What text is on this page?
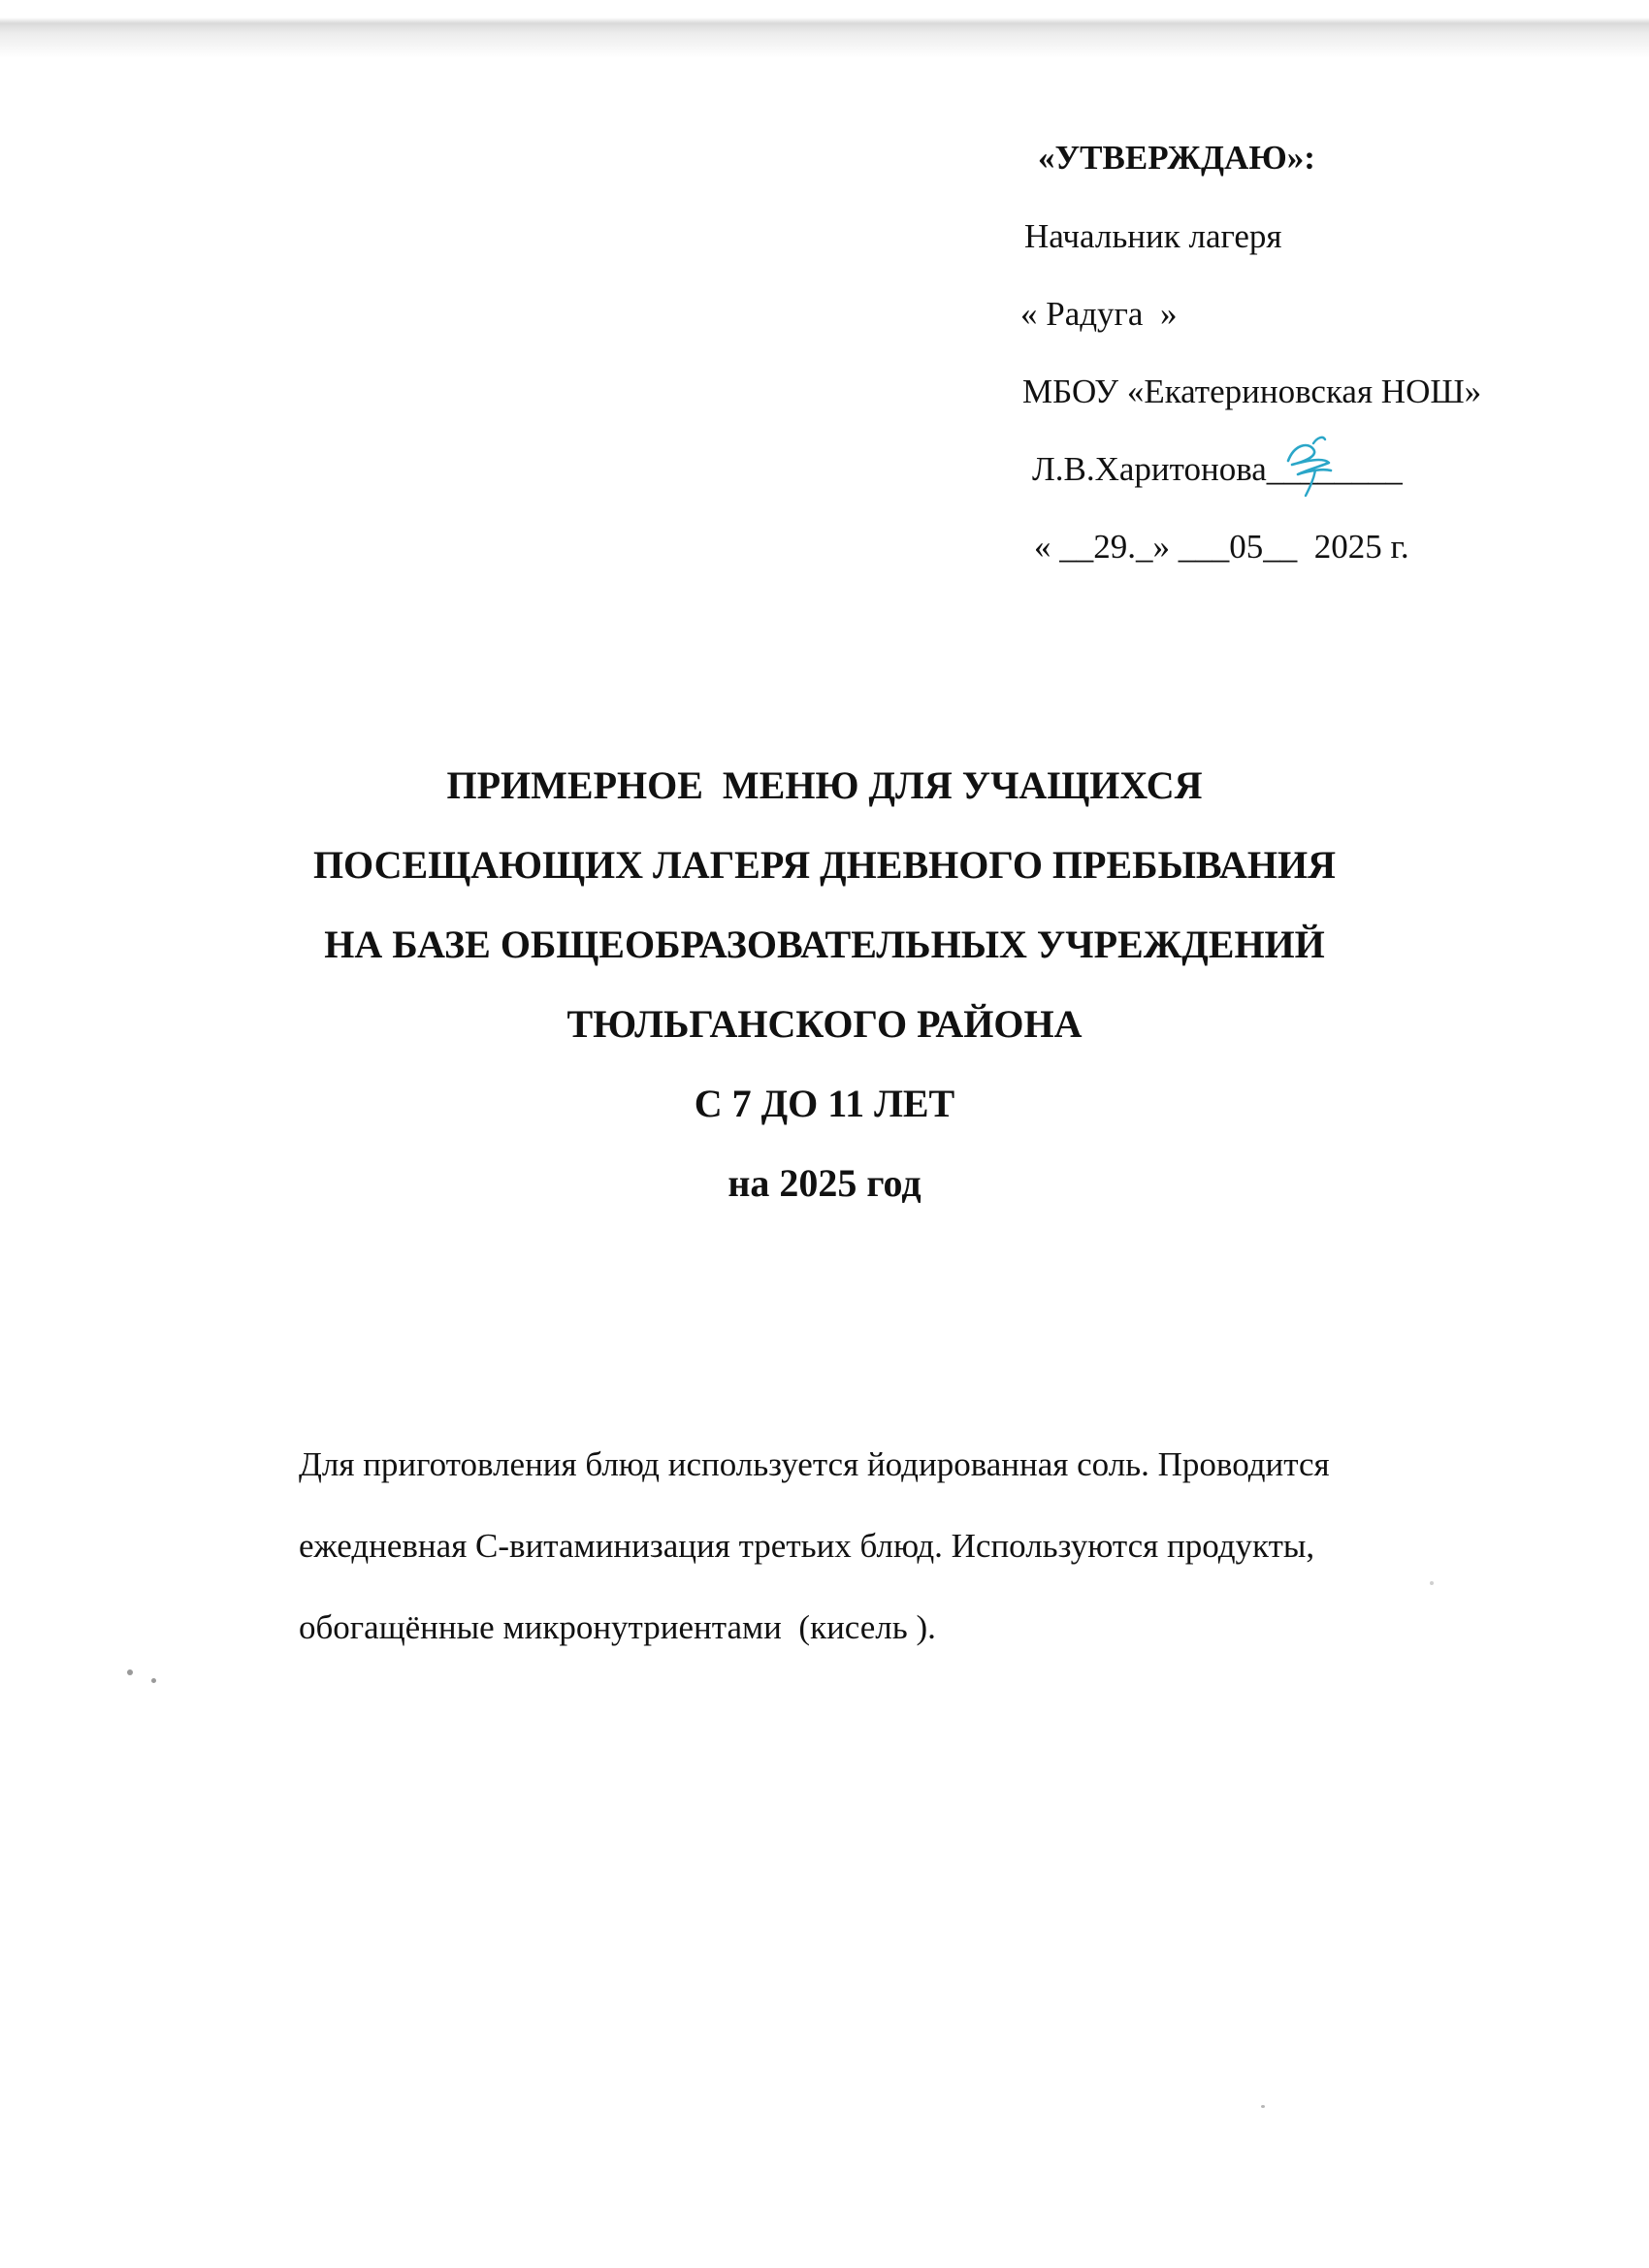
«УТВЕРЖДАЮ»:
Начальник лагеря
« Радуга  »
МБОУ «Екатериновская НОШ»
Л.В.Харитонова________
« __29._» ___05__  2025 г.
ПРИМЕРНОЕ  МЕНЮ ДЛЯ УЧАЩИХСЯ
ПОСЕЩАЮЩИХ ЛАГЕРЯ ДНЕВНОГО ПРЕБЫВАНИЯ
НА БАЗЕ ОБЩЕОБРАЗОВАТЕЛЬНЫХ УЧРЕЖДЕНИЙ
ТЮЛЬГАНСКОГО РАЙОНА
С 7 ДО 11 ЛЕТ
на 2025 год
Для приготовления блюд используется йодированная соль. Проводится
ежедневная С-витаминизация третьих блюд. Используются продукты,
обогащённые микронутриентами  (кисель ).
